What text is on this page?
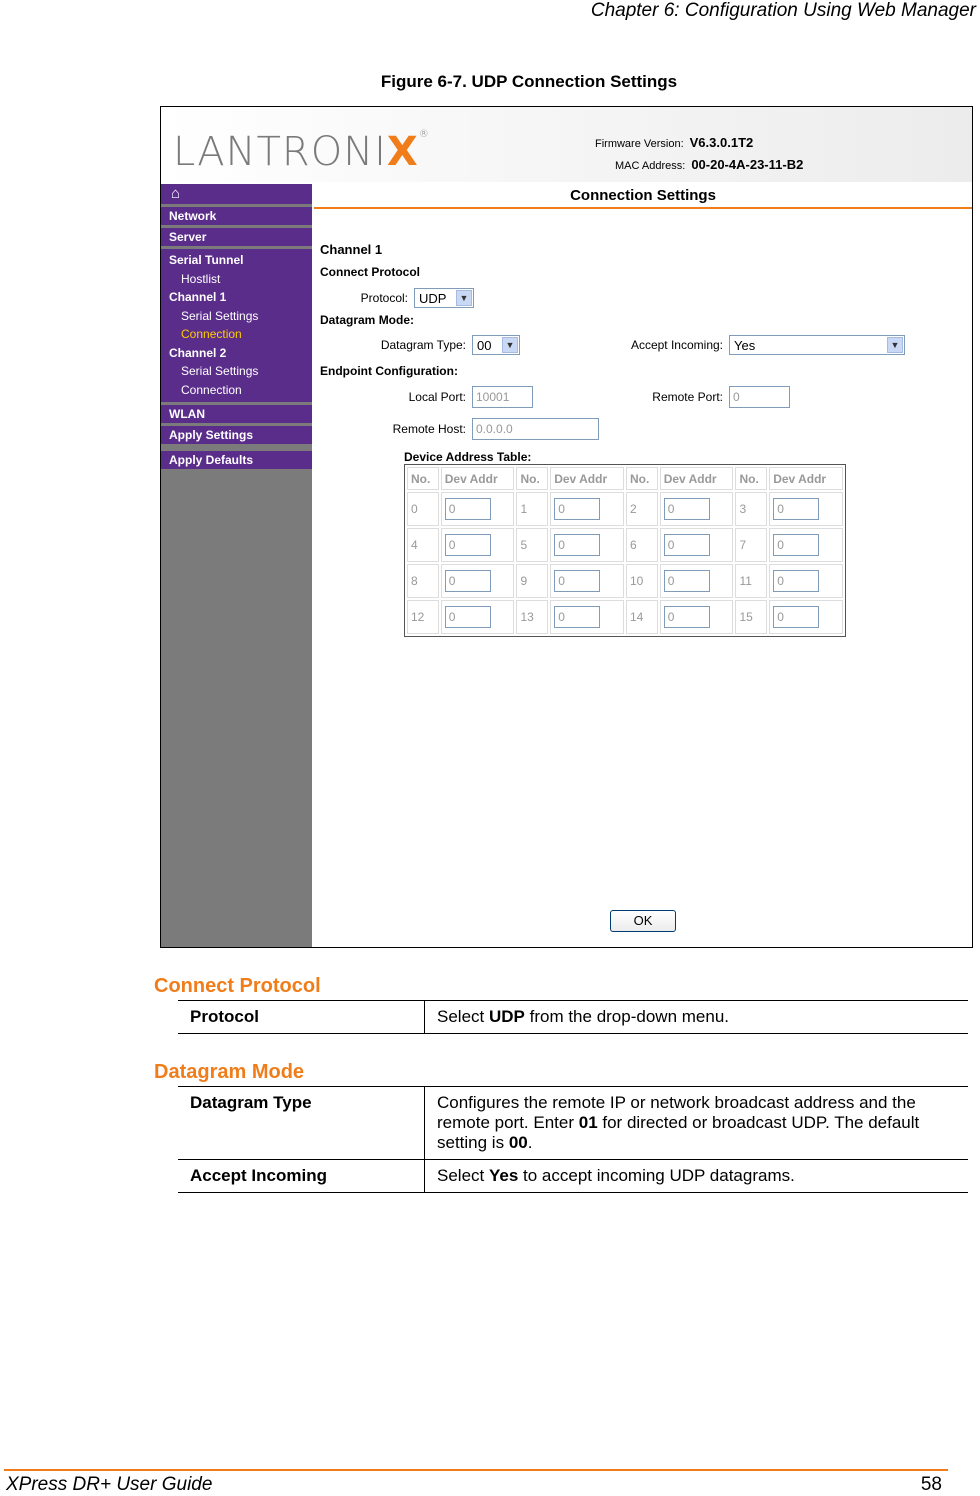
Chapter 6: Configuration Using Web Manager
Figure 6-7. UDP Connection Settings
LANTRONIX®
Firmware Version: V6.3.0.1T2
MAC Address: 00-20-4A-23-11-B2
⌂
Network
Server
Serial Tunnel
Hostlist
Channel 1
Serial Settings
Connection
Channel 2
Serial Settings
Connection
WLAN
Apply Settings
Apply Defaults
Connection Settings
Channel 1
Connect Protocol
Protocol: UDP	▼
Datagram Mode:
Datagram Type: 00	▼	Accept Incoming: Yes	▼
Endpoint Configuration:
Local Port: 10001	Remote Port: 0
Remote Host: 0.0.0.0
Device Address Table:
No.	Dev Addr	No.	Dev Addr	No.	Dev Addr	No.	Dev Addr
0	0	1	0	2	0	3	0
4	0	5	0	6	0	7	0
8	0	9	0	10	0	11	0
12	0	13	0	14	0	15	0
OK
Connect Protocol
Protocol	Select UDP from the drop-down menu.
Datagram Mode
Datagram Type	Configures the remote IP or network broadcast address and the remote port. Enter 01 for directed or broadcast UDP. The default setting is 00.
Accept Incoming	Select Yes to accept incoming UDP datagrams.
XPress DR+ User Guide	58
